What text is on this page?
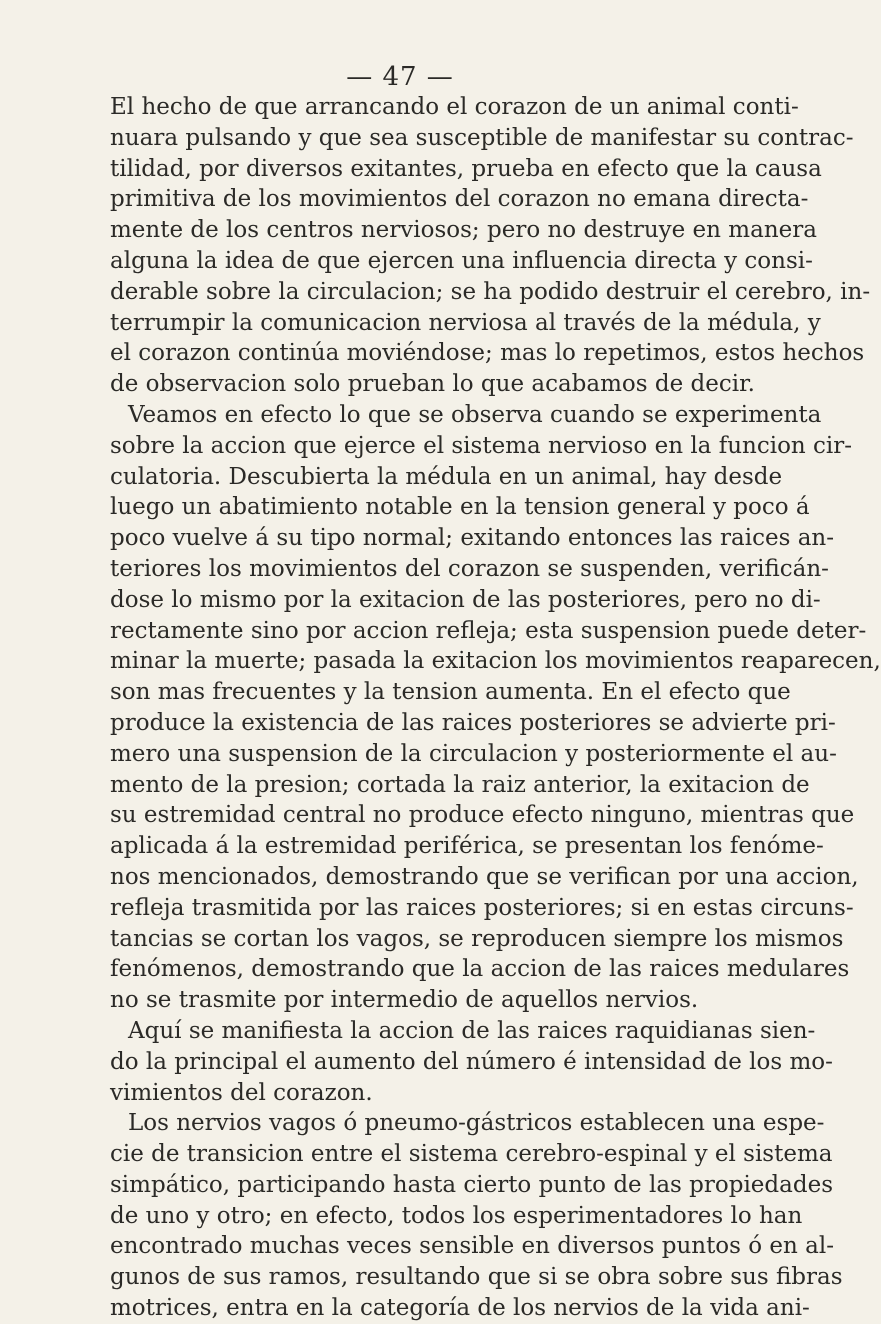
— 47 —
El hecho de que arrancando el corazon de un animal conti-
nuara pulsando y que sea susceptible de manifestar su contrac-
tilidad, por diversos exitantes, prueba en efecto que la causa
primitiva de los movimientos del corazon no emana directa-
mente de los centros nerviosos; pero no destruye en manera
alguna la idea de que ejercen una influencia directa y consi-
derable sobre la circulacion; se ha podido destruir el cerebro, in-
terrumpir la comunicacion nerviosa al través de la médula, y
el corazon continúa moviéndose; mas lo repetimos, estos hechos
de observacion solo prueban lo que acabamos de decir.
Veamos en efecto lo que se observa cuando se experimenta
sobre la accion que ejerce el sistema nervioso en la funcion cir-
culatoria. Descubierta la médula en un animal, hay desde
luego un abatimiento notable en la tension general y poco á
poco vuelve á su tipo normal; exitando entonces las raices an-
teriores los movimientos del corazon se suspenden, verificán-
dose lo mismo por la exitacion de las posteriores, pero no di-
rectamente sino por accion refleja; esta suspension puede deter-
minar la muerte; pasada la exitacion los movimientos reaparecen,
son mas frecuentes y la tension aumenta. En el efecto que
produce la existencia de las raices posteriores se advierte pri-
mero una suspension de la circulacion y posteriormente el au-
mento de la presion; cortada la raiz anterior, la exitacion de
su estremidad central no produce efecto ninguno, mientras que
aplicada á la estremidad periférica, se presentan los fenóme-
nos mencionados, demostrando que se verifican por una accion,
refleja trasmitida por las raices posteriores; si en estas circuns-
tancias se cortan los vagos, se reproducen siempre los mismos
fenómenos, demostrando que la accion de las raices medulares
no se trasmite por intermedio de aquellos nervios.
Aquí se manifiesta la accion de las raices raquidianas sien-
do la principal el aumento del número é intensidad de los mo-
vimientos del corazon.
Los nervios vagos ó pneumo-gástricos establecen una espe-
cie de transicion entre el sistema cerebro-espinal y el sistema
simpático, participando hasta cierto punto de las propiedades
de uno y otro; en efecto, todos los esperimentadores lo han
encontrado muchas veces sensible en diversos puntos ó en al-
gunos de sus ramos, resultando que si se obra sobre sus fibras
motrices, entra en la categoría de los nervios de la vida ani-
